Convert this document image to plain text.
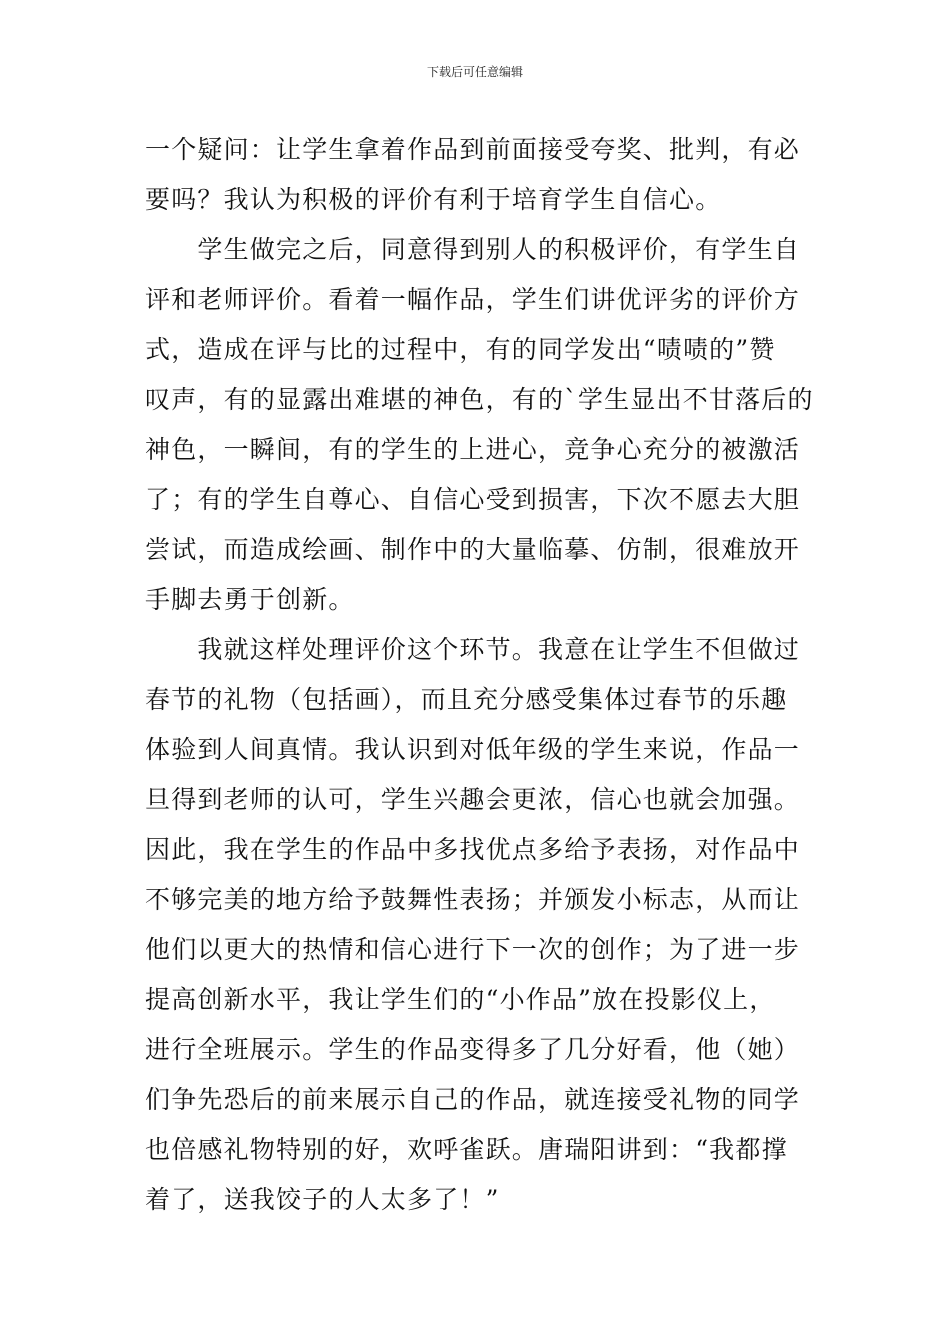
下载后可任意编辑
一个疑问：让学生拿着作品到前面接受夸奖、批判，有必
要吗？我认为积极的评价有利于培育学生自信心。
　　学生做完之后，同意得到别人的积极评价，有学生自
评和老师评价。看着一幅作品，学生们讲优评劣的评价方
式，造成在评与比的过程中，有的同学发出“啧啧的”赞
叹声，有的显露出难堪的神色，有的`学生显出不甘落后的
神色，一瞬间，有的学生的上进心，竞争心充分的被激活
了；有的学生自尊心、自信心受到损害，下次不愿去大胆
尝试，而造成绘画、制作中的大量临摹、仿制，很难放开
手脚去勇于创新。
　　我就这样处理评价这个环节。我意在让学生不但做过
春节的礼物（包括画），而且充分感受集体过春节的乐趣
体验到人间真情。我认识到对低年级的学生来说，作品一
旦得到老师的认可，学生兴趣会更浓，信心也就会加强。
因此，我在学生的作品中多找优点多给予表扬，对作品中
不够完美的地方给予鼓舞性表扬；并颁发小标志，从而让
他们以更大的热情和信心进行下一次的创作；为了进一步
提高创新水平，我让学生们的“小作品”放在投影仪上，
进行全班展示。学生的作品变得多了几分好看，他（她）
们争先恐后的前来展示自己的作品，就连接受礼物的同学
也倍感礼物特别的好，欢呼雀跃。唐瑞阳讲到：“我都撑
着了，送我饺子的人太多了！”
